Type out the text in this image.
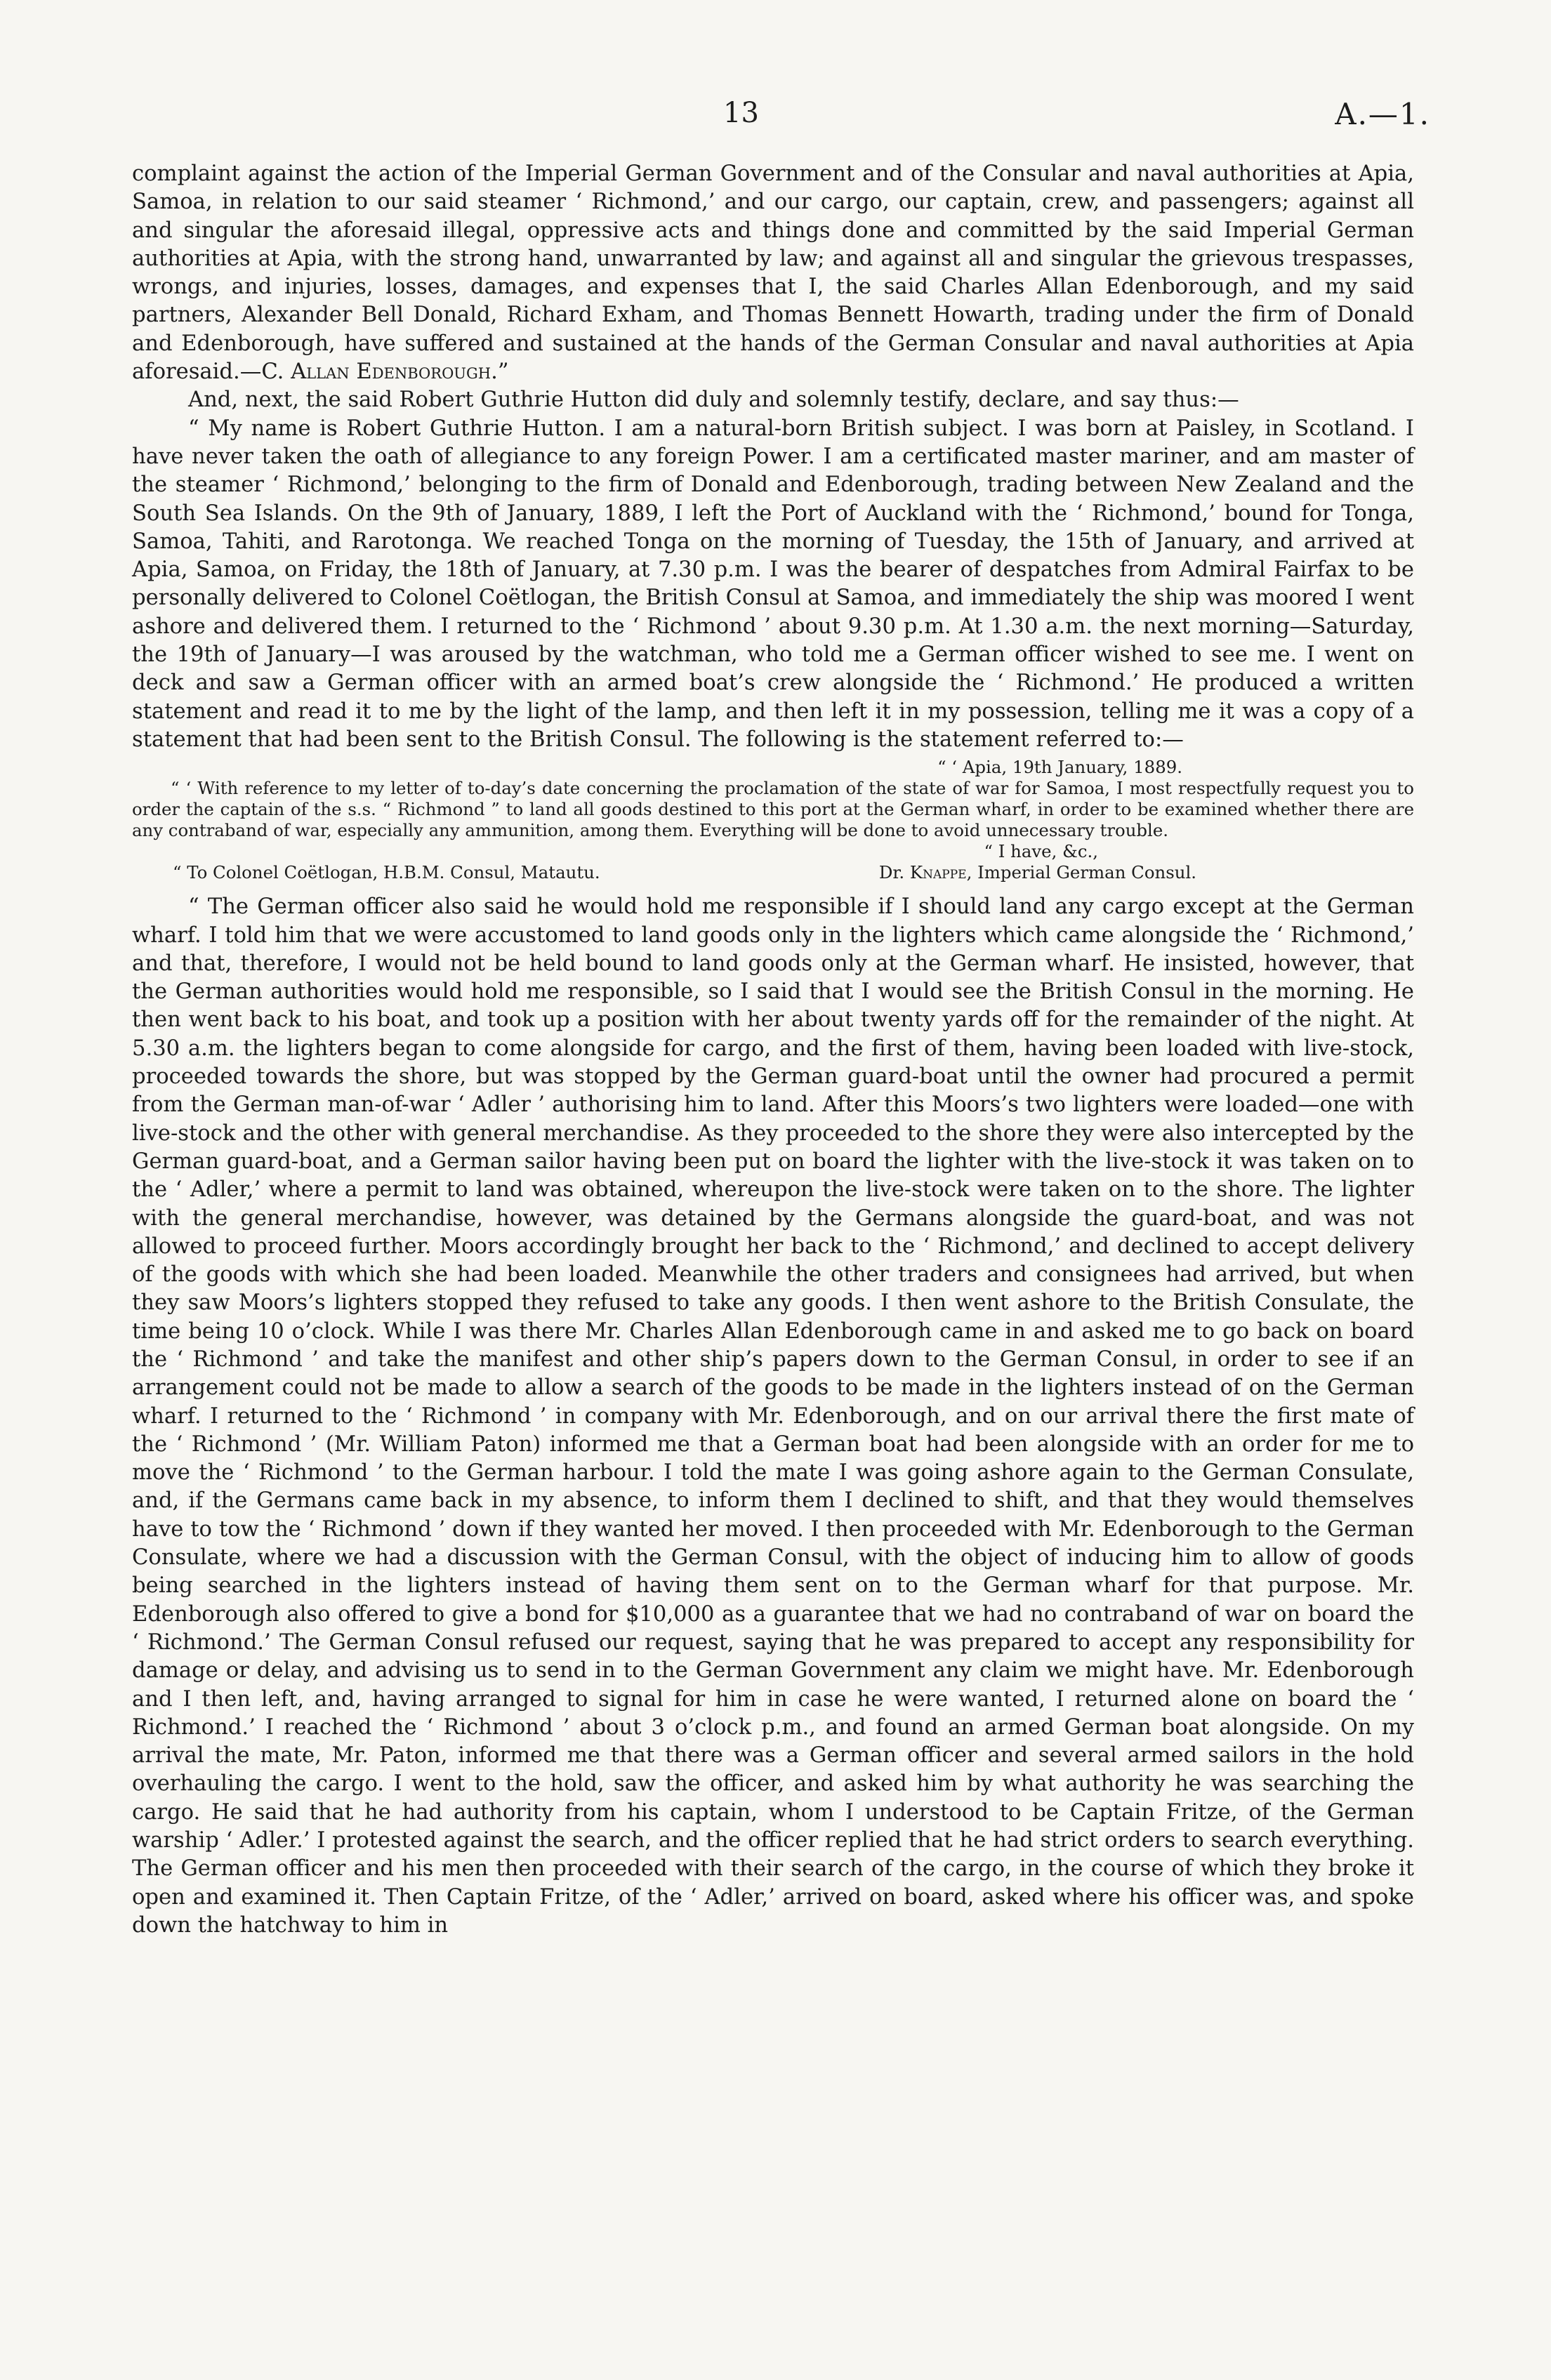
13	A.—1.

complaint against the action of the Imperial German Government and of the Consular and naval authorities at Apia, Samoa, in relation to our said steamer ‘ Richmond,’ and our cargo, our captain, crew, and passengers; against all and singular the aforesaid illegal, oppressive acts and things done and committed by the said Imperial German authorities at Apia, with the strong hand, unwarranted by law; and against all and singular the grievous trespasses, wrongs, and injuries, losses, damages, and expenses that I, the said Charles Allan Edenborough, and my said partners, Alexander Bell Donald, Richard Exham, and Thomas Bennett Howarth, trading under the firm of Donald and Edenborough, have suffered and sustained at the hands of the German Consular and naval authorities at Apia aforesaid.—C. Allan Edenborough.”

And, next, the said Robert Guthrie Hutton did duly and solemnly testify, declare, and say thus:—

“ My name is Robert Guthrie Hutton. I am a natural-born British subject. I was born at Paisley, in Scotland. I have never taken the oath of allegiance to any foreign Power. I am a certificated master mariner, and am master of the steamer ‘ Richmond,’ belonging to the firm of Donald and Edenborough, trading between New Zealand and the South Sea Islands. On the 9th of January, 1889, I left the Port of Auckland with the ‘ Richmond,’ bound for Tonga, Samoa, Tahiti, and Rarotonga. We reached Tonga on the morning of Tuesday, the 15th of January, and arrived at Apia, Samoa, on Friday, the 18th of January, at 7.30 p.m. I was the bearer of despatches from Admiral Fairfax to be personally delivered to Colonel Coëtlogan, the British Consul at Samoa, and immediately the ship was moored I went ashore and delivered them. I returned to the ‘ Richmond ’ about 9.30 p.m. At 1.30 a.m. the next morning—Saturday, the 19th of January—I was aroused by the watchman, who told me a German officer wished to see me. I went on deck and saw a German officer with an armed boat’s crew alongside the ‘ Richmond.’ He produced a written statement and read it to me by the light of the lamp, and then left it in my possession, telling me it was a copy of a statement that had been sent to the British Consul. The following is the statement referred to:—

“ ‘ Apia, 19th January, 1889.

“ ‘ With reference to my letter of to-day’s date concerning the proclamation of the state of war for Samoa, I most respectfully request you to order the captain of the s.s. “ Richmond ” to land all goods destined to this port at the German wharf, in order to be examined whether there are any contraband of war, especially any ammunition, among them. Everything will be done to avoid unnecessary trouble.

“ I have, &c.,
“ To Colonel Coëtlogan, H.B.M. Consul, Matautu.	Dr. Knappe, Imperial German Consul.

“ The German officer also said he would hold me responsible if I should land any cargo except at the German wharf. I told him that we were accustomed to land goods only in the lighters which came alongside the ‘ Richmond,’ and that, therefore, I would not be held bound to land goods only at the German wharf. He insisted, however, that the German authorities would hold me responsible, so I said that I would see the British Consul in the morning. He then went back to his boat, and took up a position with her about twenty yards off for the remainder of the night. At 5.30 a.m. the lighters began to come alongside for cargo, and the first of them, having been loaded with live-stock, proceeded towards the shore, but was stopped by the German guard-boat until the owner had procured a permit from the German man-of-war ‘ Adler ’ authorising him to land. After this Moors’s two lighters were loaded—one with live-stock and the other with general merchandise. As they proceeded to the shore they were also intercepted by the German guard-boat, and a German sailor having been put on board the lighter with the live-stock it was taken on to the ‘ Adler,’ where a permit to land was obtained, whereupon the live-stock were taken on to the shore. The lighter with the general merchandise, however, was detained by the Germans alongside the guard-boat, and was not allowed to proceed further. Moors accordingly brought her back to the ‘ Richmond,’ and declined to accept delivery of the goods with which she had been loaded. Meanwhile the other traders and consignees had arrived, but when they saw Moors’s lighters stopped they refused to take any goods. I then went ashore to the British Consulate, the time being 10 o’clock. While I was there Mr. Charles Allan Edenborough came in and asked me to go back on board the ‘ Richmond ’ and take the manifest and other ship’s papers down to the German Consul, in order to see if an arrangement could not be made to allow a search of the goods to be made in the lighters instead of on the German wharf. I returned to the ‘ Richmond ’ in company with Mr. Edenborough, and on our arrival there the first mate of the ‘ Richmond ’ (Mr. William Paton) informed me that a German boat had been alongside with an order for me to move the ‘ Richmond ’ to the German harbour. I told the mate I was going ashore again to the German Consulate, and, if the Germans came back in my absence, to inform them I declined to shift, and that they would themselves have to tow the ‘ Richmond ’ down if they wanted her moved. I then proceeded with Mr. Edenborough to the German Consulate, where we had a discussion with the German Consul, with the object of inducing him to allow of goods being searched in the lighters instead of having them sent on to the German wharf for that purpose. Mr. Edenborough also offered to give a bond for $10,000 as a guarantee that we had no contraband of war on board the ‘ Richmond.’ The German Consul refused our request, saying that he was prepared to accept any responsibility for damage or delay, and advising us to send in to the German Government any claim we might have. Mr. Edenborough and I then left, and, having arranged to signal for him in case he were wanted, I returned alone on board the ‘ Richmond.’ I reached the ‘ Richmond ’ about 3 o’clock p.m., and found an armed German boat alongside. On my arrival the mate, Mr. Paton, informed me that there was a German officer and several armed sailors in the hold overhauling the cargo. I went to the hold, saw the officer, and asked him by what authority he was searching the cargo. He said that he had authority from his captain, whom I understood to be Captain Fritze, of the German warship ‘ Adler.’ I protested against the search, and the officer replied that he had strict orders to search everything. The German officer and his men then proceeded with their search of the cargo, in the course of which they broke it open and examined it. Then Captain Fritze, of the ‘ Adler,’ arrived on board, asked where his officer was, and spoke down the hatchway to him in
